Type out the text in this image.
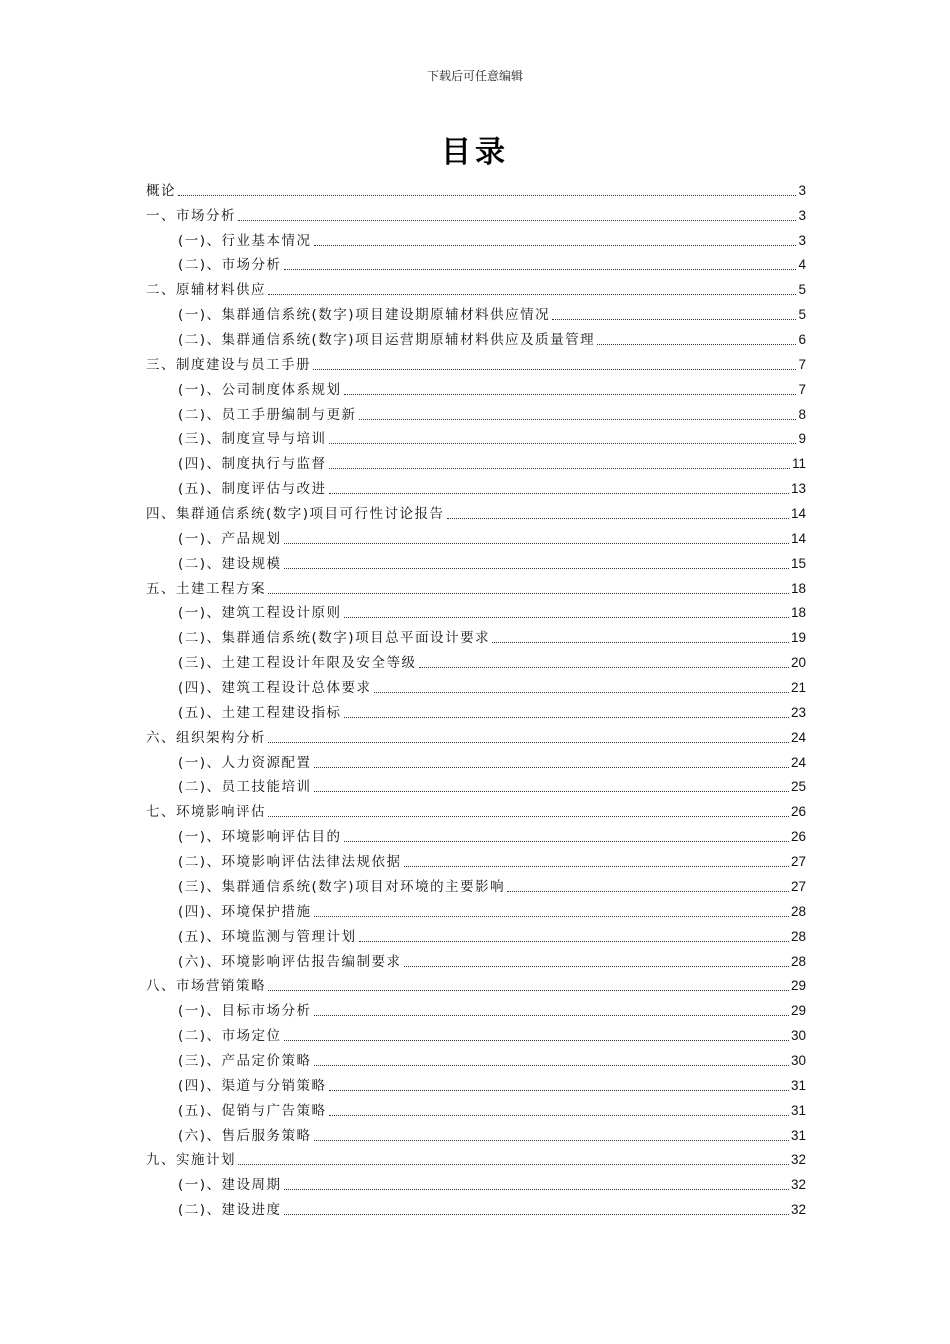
下载后可任意编辑
目录
概论	3
一、市场分析	3
(一)、行业基本情况	3
(二)、市场分析	4
二、原辅材料供应	5
(一)、集群通信系统(数字)项目建设期原辅材料供应情况	5
(二)、集群通信系统(数字)项目运营期原辅材料供应及质量管理	6
三、制度建设与员工手册	7
(一)、公司制度体系规划	7
(二)、员工手册编制与更新	8
(三)、制度宣导与培训	9
(四)、制度执行与监督	11
(五)、制度评估与改进	13
四、集群通信系统(数字)项目可行性讨论报告	14
(一)、产品规划	14
(二)、建设规模	15
五、土建工程方案	18
(一)、建筑工程设计原则	18
(二)、集群通信系统(数字)项目总平面设计要求	19
(三)、土建工程设计年限及安全等级	20
(四)、建筑工程设计总体要求	21
(五)、土建工程建设指标	23
六、组织架构分析	24
(一)、人力资源配置	24
(二)、员工技能培训	25
七、环境影响评估	26
(一)、环境影响评估目的	26
(二)、环境影响评估法律法规依据	27
(三)、集群通信系统(数字)项目对环境的主要影响	27
(四)、环境保护措施	28
(五)、环境监测与管理计划	28
(六)、环境影响评估报告编制要求	28
八、市场营销策略	29
(一)、目标市场分析	29
(二)、市场定位	30
(三)、产品定价策略	30
(四)、渠道与分销策略	31
(五)、促销与广告策略	31
(六)、售后服务策略	31
九、实施计划	32
(一)、建设周期	32
(二)、建设进度	32
